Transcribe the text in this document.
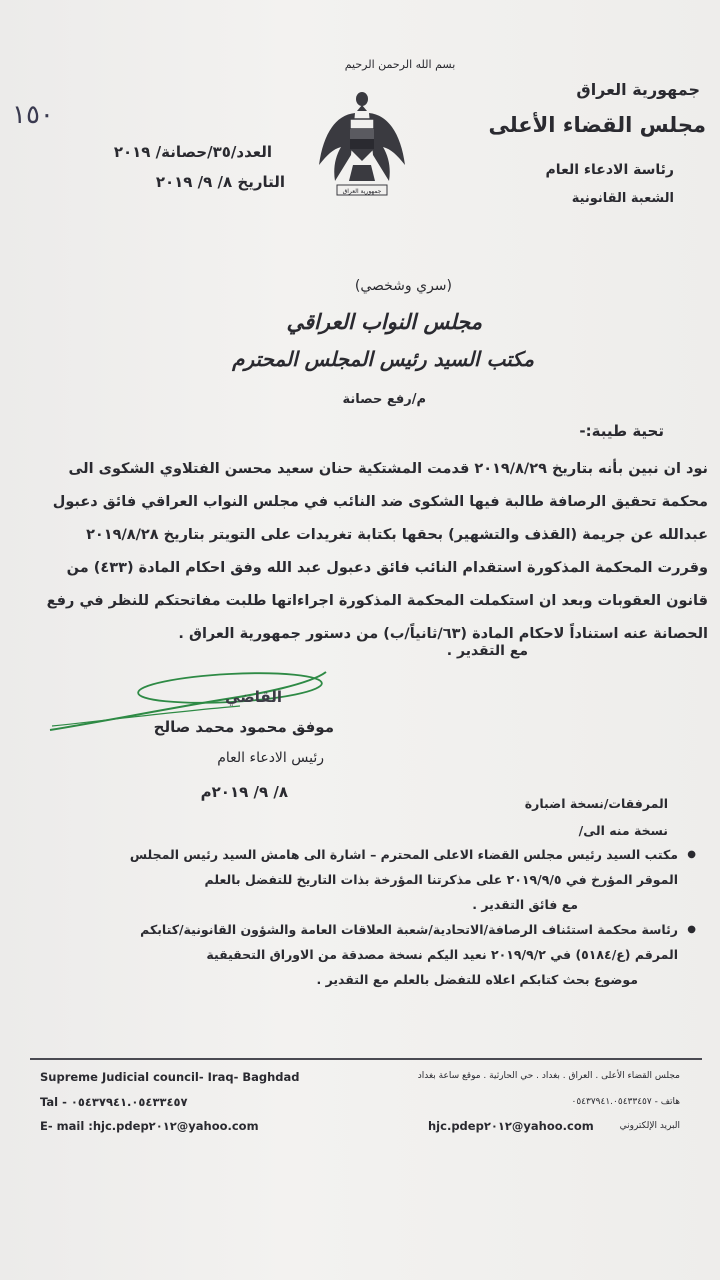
بسم الله الرحمن الرحيم
١٥٠
جمهورية العراق
مجلس القضاء الأعلى
رئاسة الادعاء العام
الشعبة القانونية
العدد/٣٥/حصانة/ ٢٠١٩
التاريخ ٨/ ٩/ ٢٠١٩
جمهورية العراق
(سري وشخصي)
مجلس النواب العراقي
مكتب السيد رئيس المجلس المحترم
م/رفع حصانة
تحية طيبة:-

نود ان نبين بأنه بتاريخ ٢٠١٩/٨/٢٩ قدمت المشتكية حنان سعيد محسن الفتلاوي الشكوى الى

محكمة تحقيق الرصافة طالبة فيها الشكوى ضد النائب في مجلس النواب العراقي فائق دعبول

عبدالله عن جريمة (القذف والتشهير) بحقها بكتابة تغريدات على التويتر بتاريخ ٢٠١٩/٨/٢٨

وقررت المحكمة المذكورة استقدام النائب فائق دعبول عبد الله وفق احكام المادة (٤٣٣) من

قانون العقوبات وبعد ان استكملت المحكمة المذكورة اجراءاتها طلبت مفاتحتكم للنظر في رفع

الحصانة عنه استناداً لاحكام المادة (٦٣/ثانياً/ب) من دستور جمهورية العراق .

مع التقدير .
القاضي
موفق محمود محمد صالح
رئيس الادعاء العام
٨/ ٩/ ٢٠١٩م
المرفقات/نسخة اضبارة
نسخة منه الى/
●

مكتب السيد رئيس مجلس القضاء الاعلى المحترم – اشارة الى هامش السيد رئيس المجلس

الموقر المؤرخ في ٢٠١٩/٩/٥ على مذكرتنا المؤرخة بذات التاريخ للتفضل بالعلم

مع فائق التقدير .

●

رئاسة محكمة استئناف الرصافة/الاتحادية/شعبة العلاقات العامة والشؤون القانونية/كتابكم

المرقم (ع/٥١٨٤) في ٢٠١٩/٩/٢ نعيد اليكم نسخة مصدقة من الاوراق التحقيقية

موضوع بحث كتابكم اعلاه للتفضل بالعلم مع التقدير .

Supreme Judicial council- Iraq- Baghdad
Tal - ٠٥٤٣٧٩٤١.٠٥٤٣٣٤٥٧
E- mail :hjc.pdep٢٠١٢@yahoo.com
مجلس القضاء الأعلى . العراق . بغداد . حي الحارثية . موقع ساعة بغداد
هاتف - ٠٥٤٣٧٩٤١.٠٥٤٣٣٤٥٧
hjc.pdep٢٠١٢@yahoo.com	البريد الإلكتروني
